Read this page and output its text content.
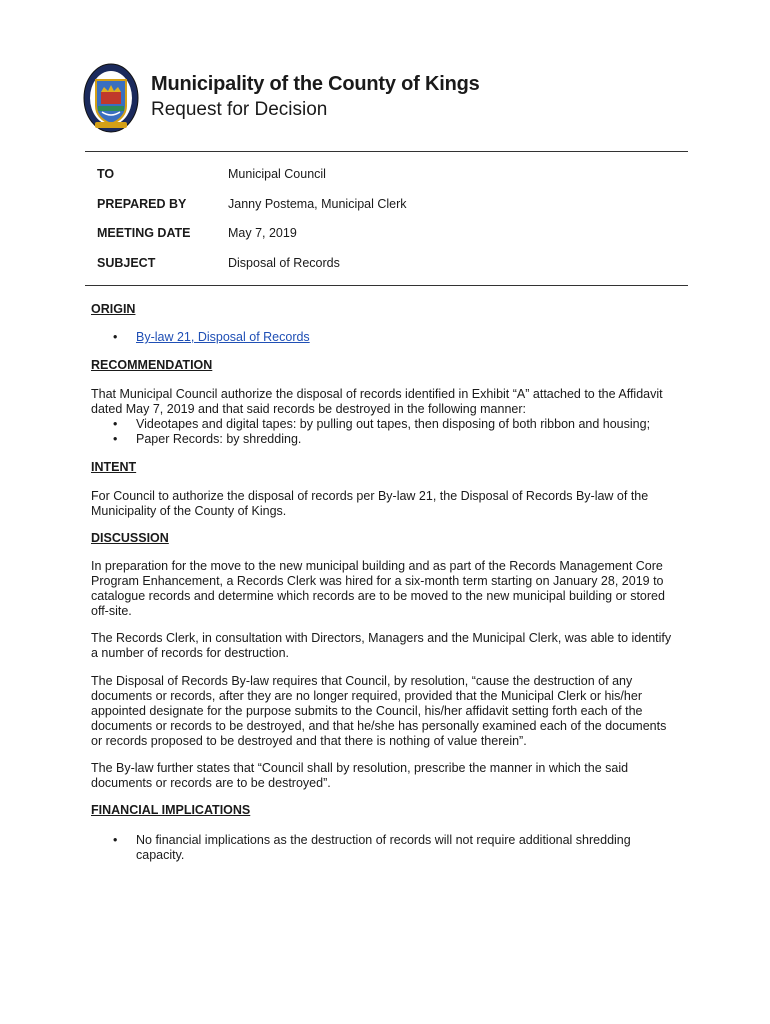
Municipality of the County of Kings
Request for Decision
TO	Municipal Council
PREPARED BY	Janny Postema, Municipal Clerk
MEETING DATE	May 7, 2019
SUBJECT	Disposal of Records
ORIGIN
• By-law 21, Disposal of Records
RECOMMENDATION

That Municipal Council authorize the disposal of records identified in Exhibit “A” attached to the Affidavit

dated May 7, 2019 and that said records be destroyed in the following manner:

• Videotapes and digital tapes: by pulling out tapes, then disposing of both ribbon and housing;
• Paper Records: by shredding.
INTENT

For Council to authorize the disposal of records per By-law 21, the Disposal of Records By-law of the

Municipality of the County of Kings.

DISCUSSION

In preparation for the move to the new municipal building and as part of the Records Management Core

Program Enhancement, a Records Clerk was hired for a six-month term starting on January 28, 2019 to

catalogue records and determine which records are to be moved to the new municipal building or stored

off-site.

The Records Clerk, in consultation with Directors, Managers and the Municipal Clerk, was able to identify

a number of records for destruction.

The Disposal of Records By-law requires that Council, by resolution, “cause the destruction of any

documents or records, after they are no longer required, provided that the Municipal Clerk or his/her

appointed designate for the purpose submits to the Council, his/her affidavit setting forth each of the

documents or records to be destroyed, and that he/she has personally examined each of the documents

or records proposed to be destroyed and that there is nothing of value therein”.

The By-law further states that “Council shall by resolution, prescribe the manner in which the said

documents or records are to be destroyed”.

FINANCIAL IMPLICATIONS
• No financial implications as the destruction of records will not require additional shredding
capacity.
